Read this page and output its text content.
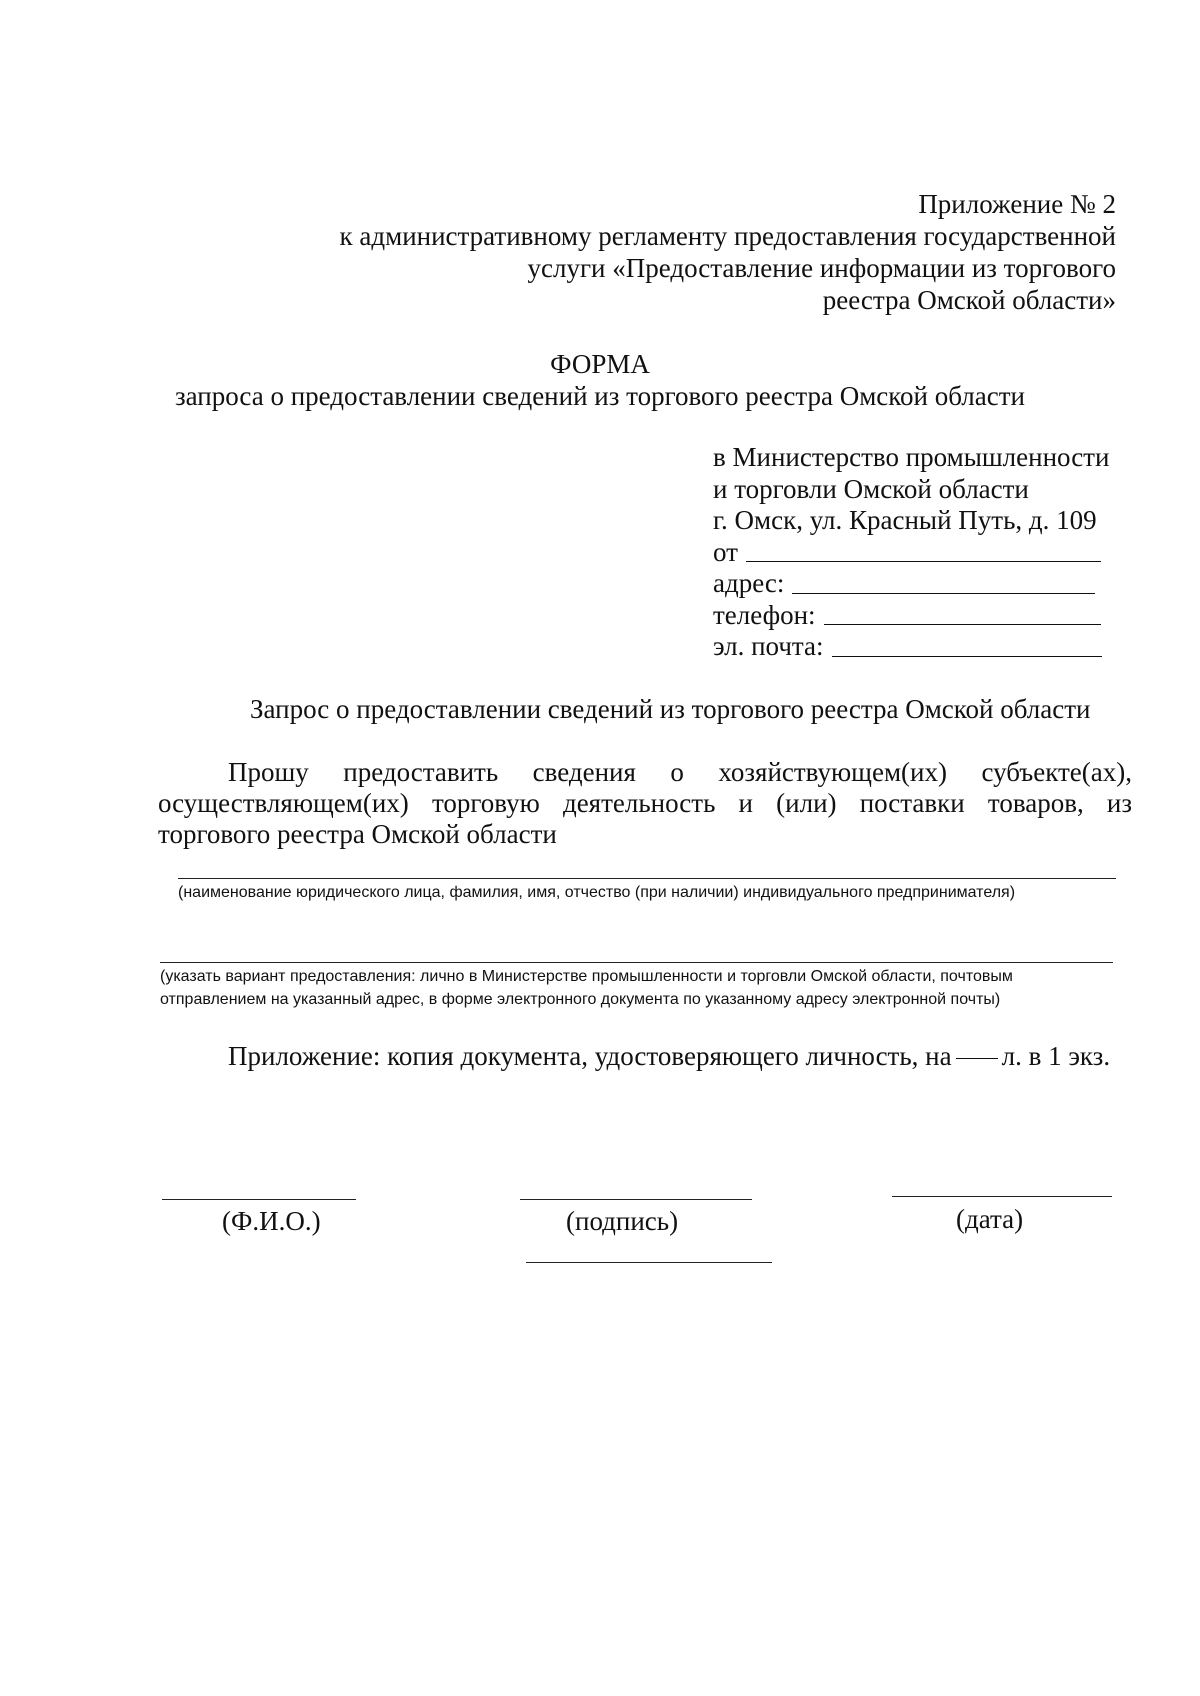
Приложение № 2
к административному регламенту предоставления государственной
услуги «Предоставление информации из торгового
реестра Омской области»
ФОРМА
запроса о предоставлении сведений из торгового реестра Омской области
в Министерство промышленности
и торговли Омской области
г. Омск, ул. Красный Путь, д. 109
от
адрес:
телефон:
эл. почта:
Запрос о предоставлении сведений из торгового реестра Омской области
Прошу предоставить сведения о хозяйствующем(их) субъекте(ах), осуществляющем(их) торговую деятельность и (или) поставки товаров, из торгового реестра Омской области
(наименование юридического лица, фамилия, имя, отчество (при наличии) индивидуального предпринимателя)
(указать вариант предоставления: лично в Министерстве промышленности и торговли Омской области, почтовым
отправлением на указанный адрес, в форме электронного документа по указанному адресу электронной почты)
Приложение: копия документа, удостоверяющего личность, на л. в 1 экз.
(Ф.И.О.)	(подпись)	(дата)
